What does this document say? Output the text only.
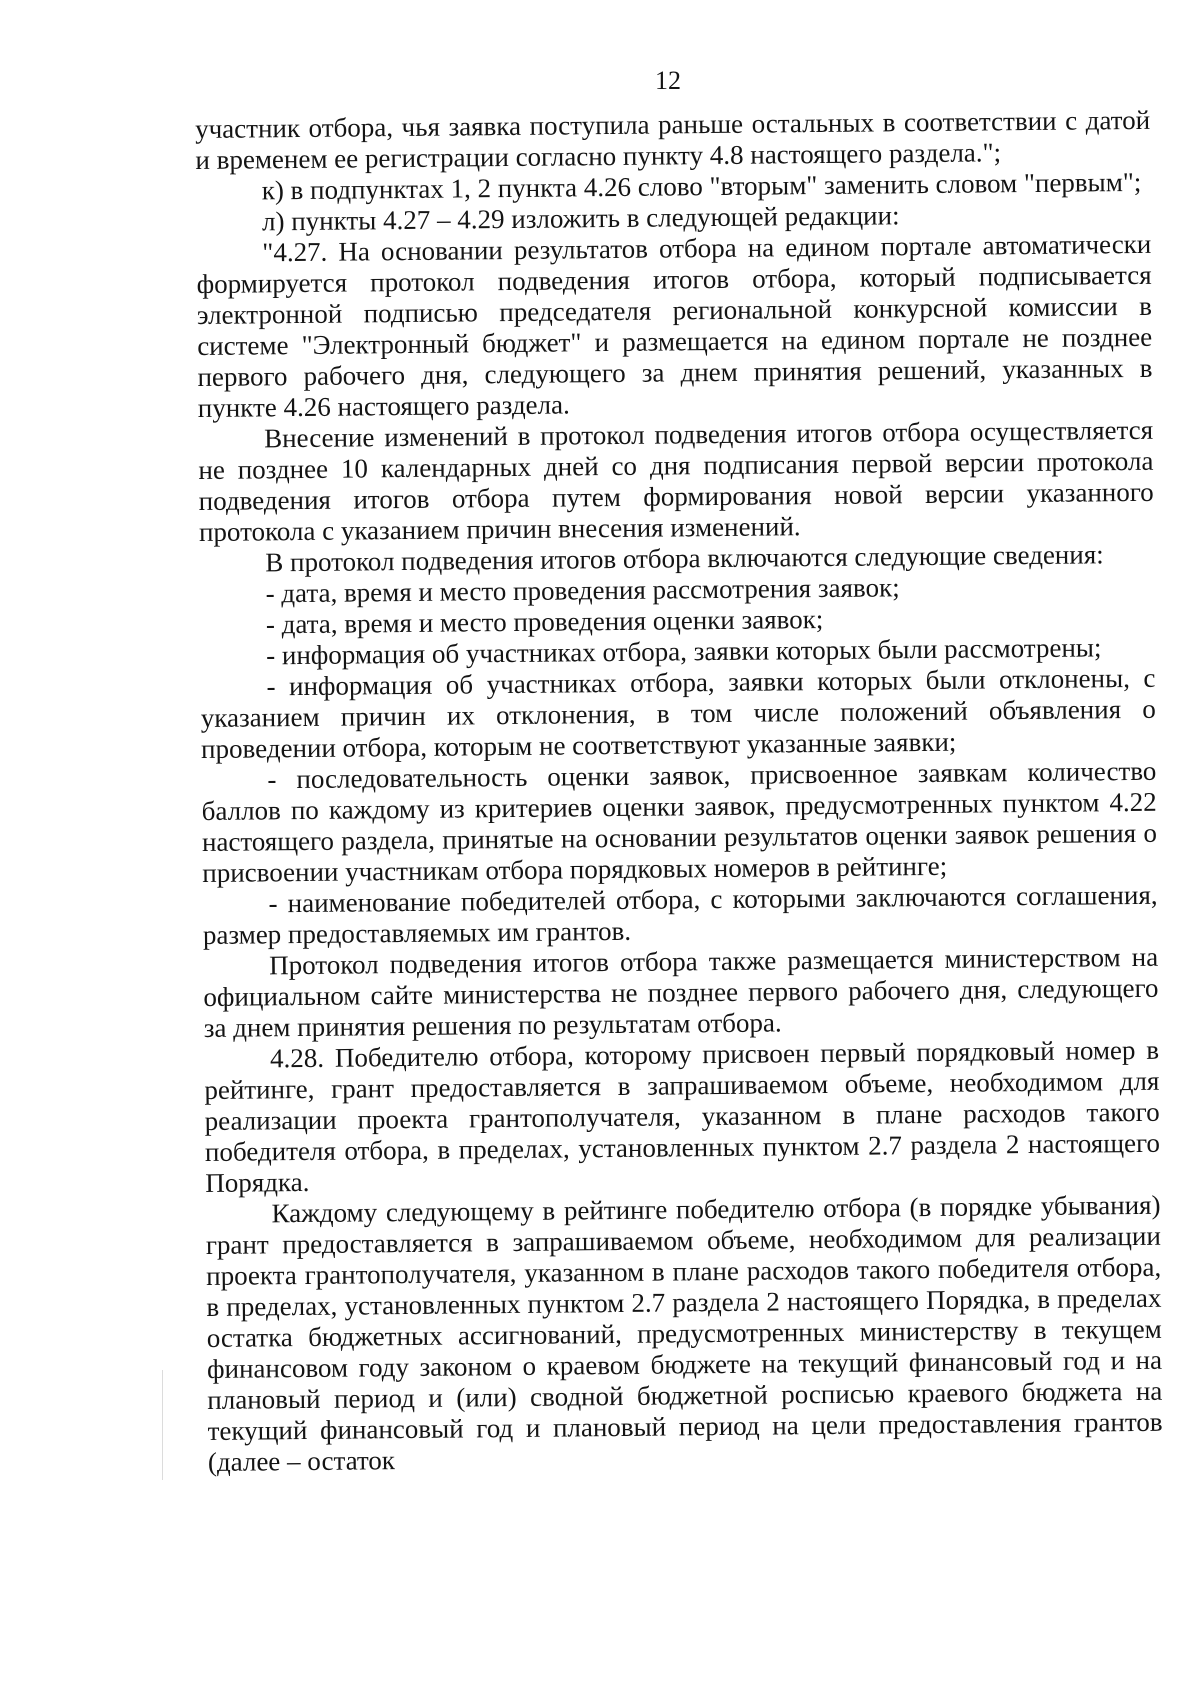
12

участник отбора, чья заявка поступила раньше остальных в соответствии с датой и временем ее регистрации согласно пункту 4.8 настоящего раздела.";

к) в подпунктах 1, 2 пункта 4.26 слово "вторым" заменить словом "первым";

л) пункты 4.27 – 4.29 изложить в следующей редакции:

"4.27. На основании результатов отбора на едином портале автоматически формируется протокол подведения итогов отбора, который подписывается электронной подписью председателя региональной конкурсной комиссии в системе "Электронный бюджет" и размещается на едином портале не позднее первого рабочего дня, следующего за днем принятия решений, указанных в пункте 4.26 настоящего раздела.

Внесение изменений в протокол подведения итогов отбора осуществляется не позднее 10 календарных дней со дня подписания первой версии протокола подведения итогов отбора путем формирования новой версии указанного протокола с указанием причин внесения изменений.

В протокол подведения итогов отбора включаются следующие сведения:

- дата, время и место проведения рассмотрения заявок;

- дата, время и место проведения оценки заявок;

- информация об участниках отбора, заявки которых были рассмотрены;

- информация об участниках отбора, заявки которых были отклонены, с указанием причин их отклонения, в том числе положений объявления о проведении отбора, которым не соответствуют указанные заявки;

- последовательность оценки заявок, присвоенное заявкам количество баллов по каждому из критериев оценки заявок, предусмотренных пунктом 4.22 настоящего раздела, принятые на основании результатов оценки заявок решения о присвоении участникам отбора порядковых номеров в рейтинге;

- наименование победителей отбора, с которыми заключаются соглашения, размер предоставляемых им грантов.

Протокол подведения итогов отбора также размещается министерством на официальном сайте министерства не позднее первого рабочего дня, следующего за днем принятия решения по результатам отбора.

4.28. Победителю отбора, которому присвоен первый порядковый номер в рейтинге, грант предоставляется в запрашиваемом объеме, необходимом для реализации проекта грантополучателя, указанном в плане расходов такого победителя отбора, в пределах, установленных пунктом 2.7 раздела 2 настоящего Порядка.

Каждому следующему в рейтинге победителю отбора (в порядке убывания) грант предоставляется в запрашиваемом объеме, необходимом для реализации проекта грантополучателя, указанном в плане расходов такого победителя отбора, в пределах, установленных пунктом 2.7 раздела 2 настоящего Порядка, в пределах остатка бюджетных ассигнований, предусмотренных министерству в текущем финансовом году законом о краевом бюджете на текущий финансовый год и на плановый период и (или) сводной бюджетной росписью краевого бюджета на текущий финансовый год и плановый период на цели предоставления грантов (далее – остаток
